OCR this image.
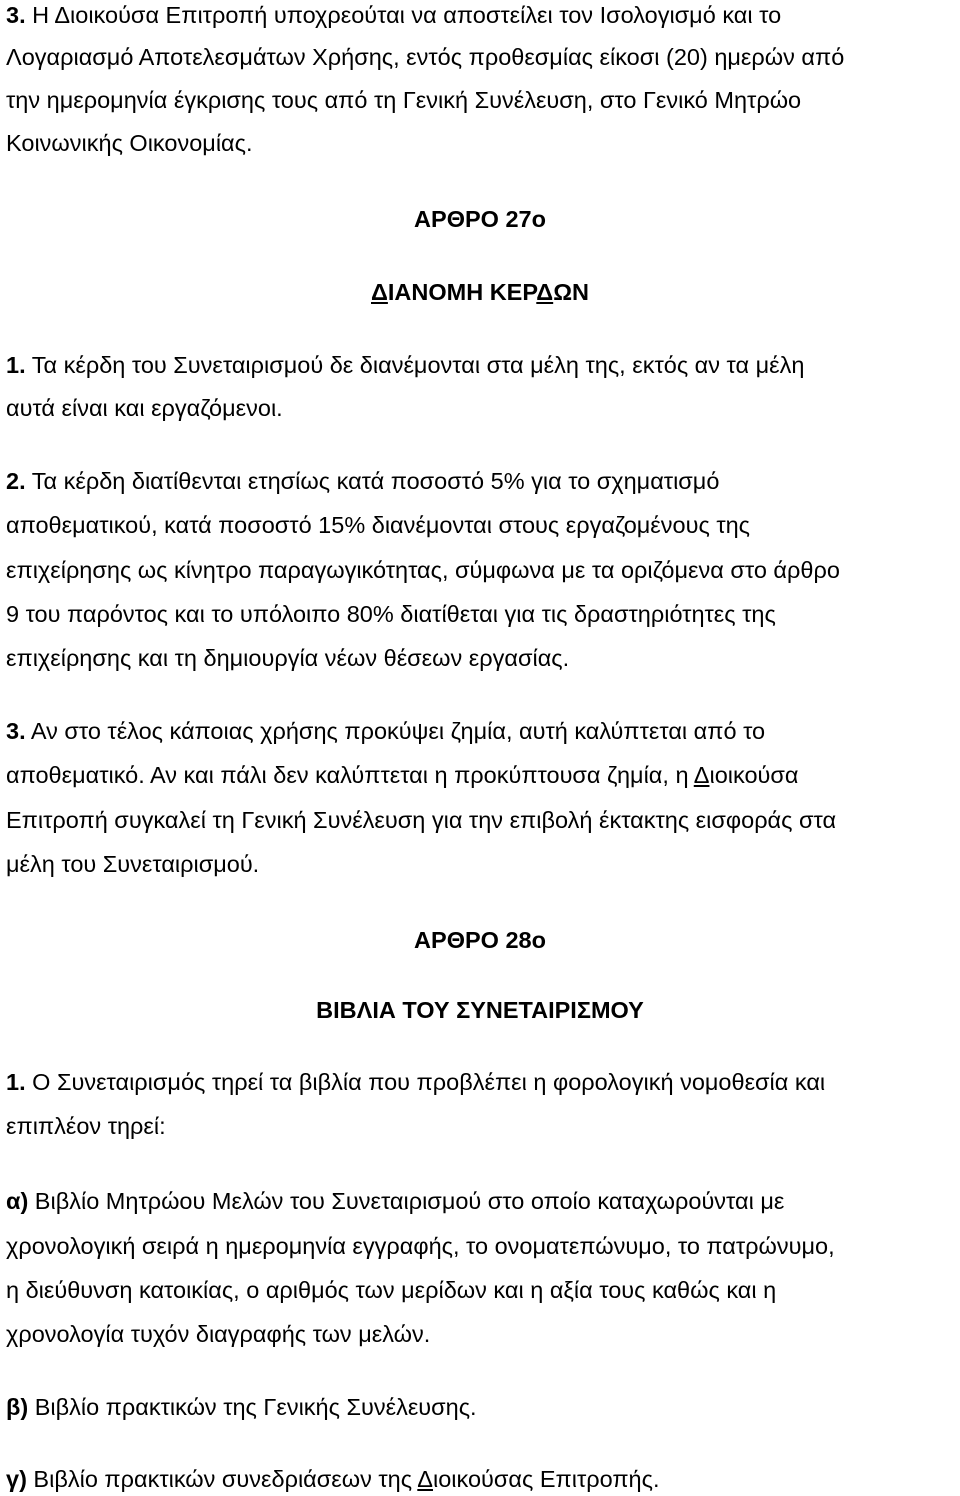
3. Η Διοικούσα Επιτροπή υποχρεούται να αποστείλει τον Ισολογισμό και το
Λογαριασμό Αποτελεσμάτων Χρήσης, εντός προθεσμίας είκοσι (20) ημερών από
την ημερομηνία έγκρισης τους από τη Γενική Συνέλευση, στο Γενικό Μητρώο
Κοινωνικής Οικονομίας.
ΑΡΘΡΟ 27ο
ΔΙΑΝΟΜΗ ΚΕΡΔΩΝ
1. Τα κέρδη του Συνεταιρισμού δε διανέμονται στα μέλη της, εκτός αν τα μέλη
αυτά είναι και εργαζόμενοι.
2. Τα κέρδη διατίθενται ετησίως κατά ποσοστό 5% για το σχηματισμό
αποθεματικού, κατά ποσοστό 15% διανέμονται στους εργαζομένους της
επιχείρησης ως κίνητρο παραγωγικότητας, σύμφωνα με τα οριζόμενα στο άρθρο
9 του παρόντος και το υπόλοιπο 80% διατίθεται για τις δραστηριότητες της
επιχείρησης και τη δημιουργία νέων θέσεων εργασίας.
3. Αν στο τέλος κάποιας χρήσης προκύψει ζημία, αυτή καλύπτεται από το
αποθεματικό. Αν και πάλι δεν καλύπτεται η προκύπτουσα ζημία, η Διοικούσα
Επιτροπή συγκαλεί τη Γενική Συνέλευση για την επιβολή έκτακτης εισφοράς στα
μέλη του Συνεταιρισμού.
ΑΡΘΡΟ 28ο
ΒΙΒΛΙΑ ΤΟΥ ΣΥΝΕΤΑΙΡΙΣΜΟΥ
1. Ο Συνεταιρισμός τηρεί τα βιβλία που προβλέπει η φορολογική νομοθεσία και
επιπλέον τηρεί:
α) Βιβλίο Μητρώου Μελών του Συνεταιρισμού στο οποίο καταχωρούνται με
χρονολογική σειρά η ημερομηνία εγγραφής, το ονοματεπώνυμο, το πατρώνυμο,
η διεύθυνση κατοικίας, ο αριθμός των μερίδων και η αξία τους καθώς και η
χρονολογία τυχόν διαγραφής των μελών.
β) Βιβλίο πρακτικών της Γενικής Συνέλευσης.
γ) Βιβλίο πρακτικών συνεδριάσεων της Διοικούσας Επιτροπής.
